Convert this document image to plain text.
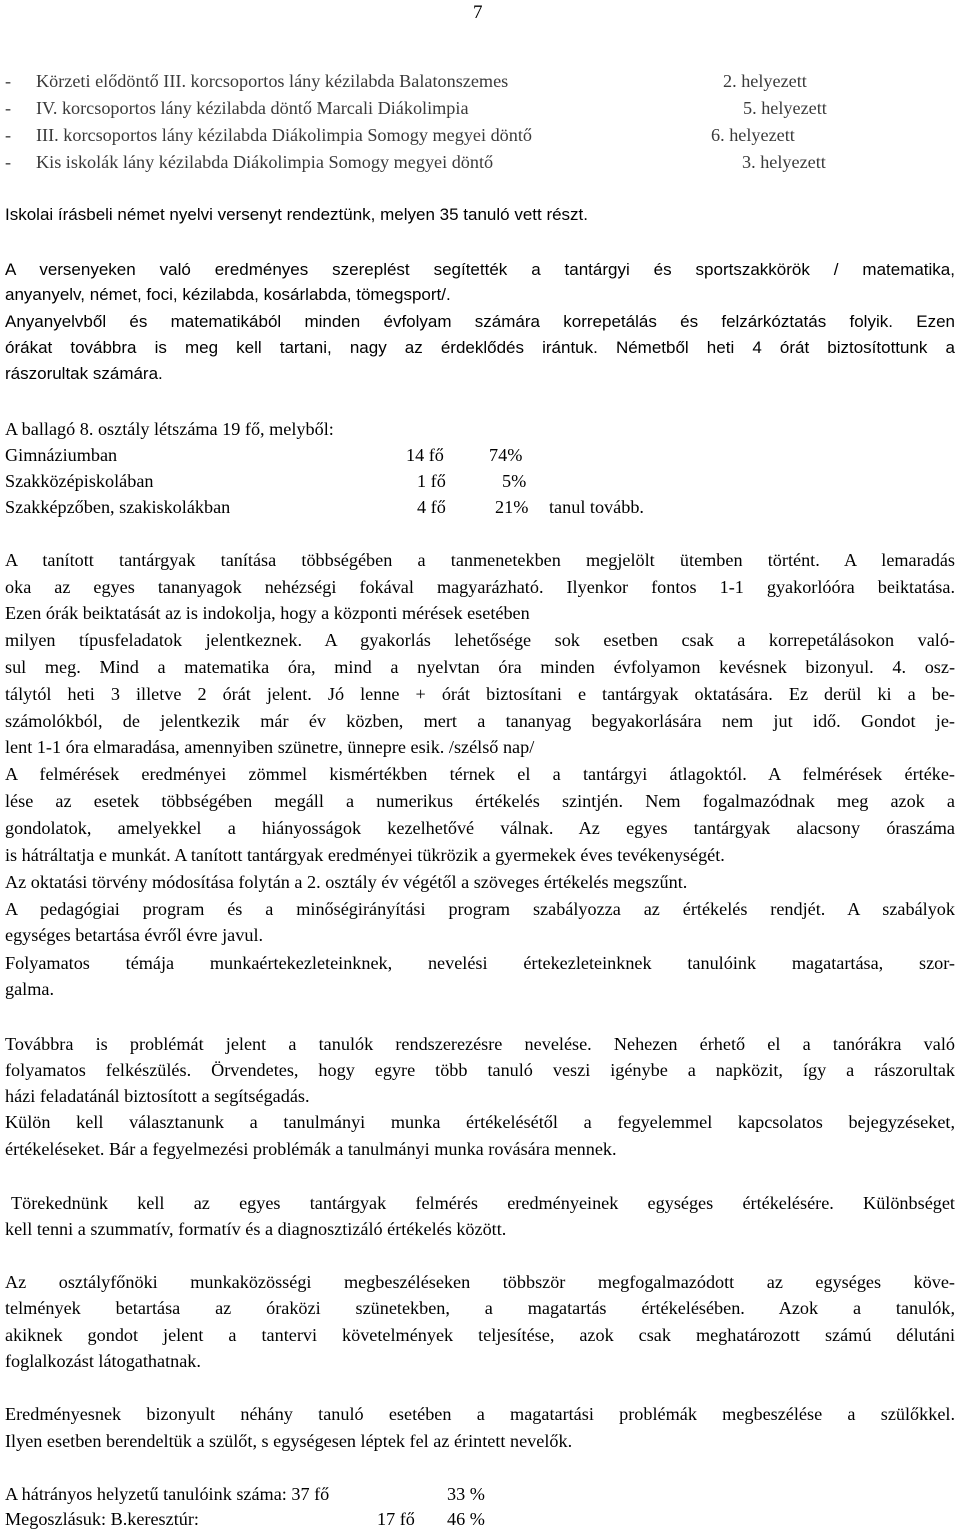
7
- Körzeti elődöntő III. korcsoportos lány kézilabda Balatonszemes	2. helyezett
- IV. korcsoportos lány kézilabda döntő Marcali Diákolimpia	5. helyezett
- III. korcsoportos lány kézilabda Diákolimpia Somogy megyei döntő	6. helyezett
- Kis iskolák lány kézilabda Diákolimpia Somogy megyei döntő	3. helyezett
Iskolai írásbeli német nyelvi versenyt rendeztünk, melyen 35 tanuló vett részt.
A versenyeken való eredményes szereplést segítették a tantárgyi és sportszakkörök / matematika,
anyanyelv, német, foci, kézilabda, kosárlabda, tömegsport/.
Anyanyelvből és matematikából minden évfolyam számára korrepetálás és felzárkóztatás folyik. Ezen
órákat továbbra is meg kell tartani, nagy az érdeklődés irántuk. Németből heti 4 órát biztosítottunk a
rászorultak számára.
A ballagó 8. osztály létszáma 19 fő, melyből:
Gimnáziumban	14 fő 74%
Szakközépiskolában	1 fő	5%
Szakképzőben, szakiskolákban	4 fő	21% tanul tovább.
A tanított tantárgyak tanítása többségében a tanmenetekben megjelölt ütemben történt. A lemaradás
oka az egyes tananyagok nehézségi fokával magyarázható. Ilyenkor fontos 1-1 gyakorlóóra beiktatása.
Ezen órák beiktatását az is indokolja, hogy a központi mérések esetében
milyen típusfeladatok jelentkeznek. A gyakorlás lehetősége sok esetben csak a korrepetálásokon való-
sul meg. Mind a matematika óra, mind a nyelvtan óra minden évfolyamon kevésnek bizonyul. 4. osz-
tálytól heti 3 illetve 2 órát jelent. Jó lenne + órát biztosítani e tantárgyak oktatására. Ez derül ki a be-
számolókból, de jelentkezik már év közben, mert a tananyag begyakorlására nem jut idő. Gondot je-
lent 1-1 óra elmaradása, amennyiben szünetre, ünnepre esik. /szélső nap/
A felmérések eredményei zömmel kismértékben térnek el a tantárgyi átlagoktól. A felmérések értéke-
lése az esetek többségében megáll a numerikus értékelés szintjén. Nem fogalmazódnak meg azok a
gondolatok, amelyekkel a hiányosságok kezelhetővé válnak. Az egyes tantárgyak alacsony óraszáma
is hátráltatja e munkát. A tanított tantárgyak eredményei tükrözik a gyermekek éves tevékenységét.
Az oktatási törvény módosítása folytán a 2. osztály év végétől a szöveges értékelés megszűnt.
A pedagógiai program és a minőségirányítási program szabályozza az értékelés rendjét. A szabályok
egységes betartása évről évre javul.
Folyamatos témája munkaértekezleteinknek, nevelési értekezleteinknek tanulóink magatartása, szor-
galma.
Továbbra is problémát jelent a tanulók rendszerezésre nevelése. Nehezen érhető el a tanórákra való
folyamatos felkészülés. Örvendetes, hogy egyre több tanuló veszi igénybe a napközit, így a rászorultak
házi feladatánál biztosított a segítségadás.
Külön kell választanunk a tanulmányi munka értékelésétől a fegyelemmel kapcsolatos bejegyzéseket,
értékeléseket. Bár a fegyelmezési problémák a tanulmányi munka rovására mennek.
Törekednünk kell az egyes tantárgyak felmérés eredményeinek egységes értékelésére. Különbséget
kell tenni a szummatív, formatív és a diagnosztizáló értékelés között.
Az osztályfőnöki munkaközösségi megbeszéléseken többször megfogalmazódott az egységes köve-
telmények betartása az óraközi szünetekben, a magatartás értékelésében. Azok a tanulók,
akiknek gondot jelent a tantervi követelmények teljesítése, azok csak meghatározott számú délutáni
foglalkozást látogathatnak.
Eredményesnek bizonyult néhány tanuló esetében a magatartási problémák megbeszélése a szülőkkel.
Ilyen esetben berendeltük a szülőt, s egységesen léptek fel az érintett nevelők.
A hátrányos helyzetű tanulóink száma: 37 fő	33 %
Megoszlásuk: B.keresztúr:	17 fő 46 %
